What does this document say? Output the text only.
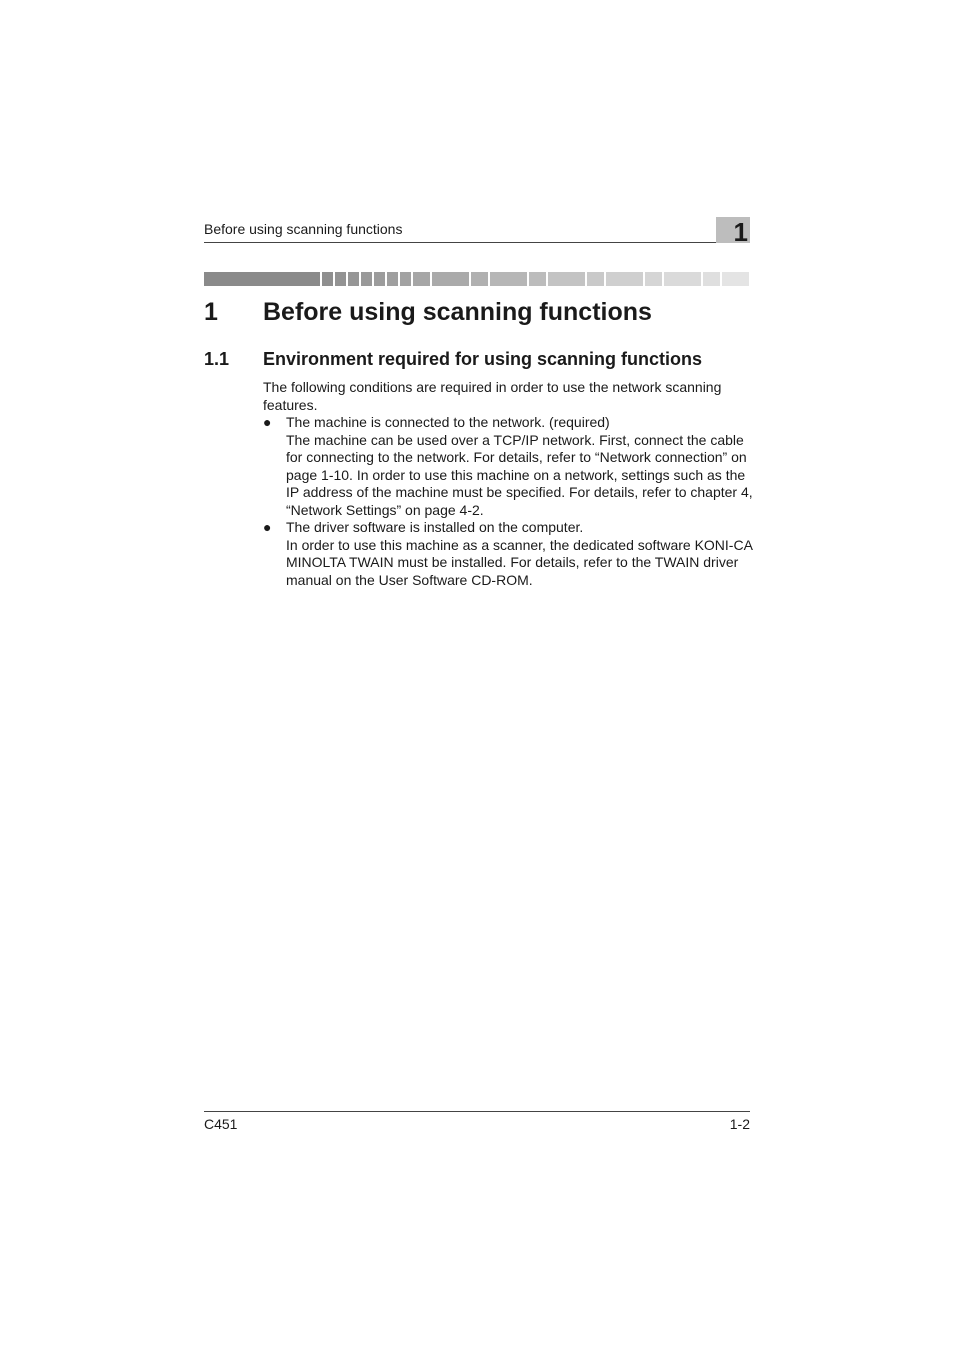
Before using scanning functions	1
1 Before using scanning functions
1.1 Environment required for using scanning functions

The following conditions are required in order to use the network scanning features.

● The machine is connected to the network. (required)

The machine can be used over a TCP/IP network. First, connect the cable for connecting to the network. For details, refer to “Network connection” on page 1-10. In order to use this machine on a network, settings such as the IP address of the machine must be specified. For details, refer to chapter 4, “Network Settings” on page 4-2.

● The driver software is installed on the computer.

In order to use this machine as a scanner, the dedicated software KONI-CA MINOLTA TWAIN must be installed. For details, refer to the TWAIN driver manual on the User Software CD-ROM.

C451	1-2
